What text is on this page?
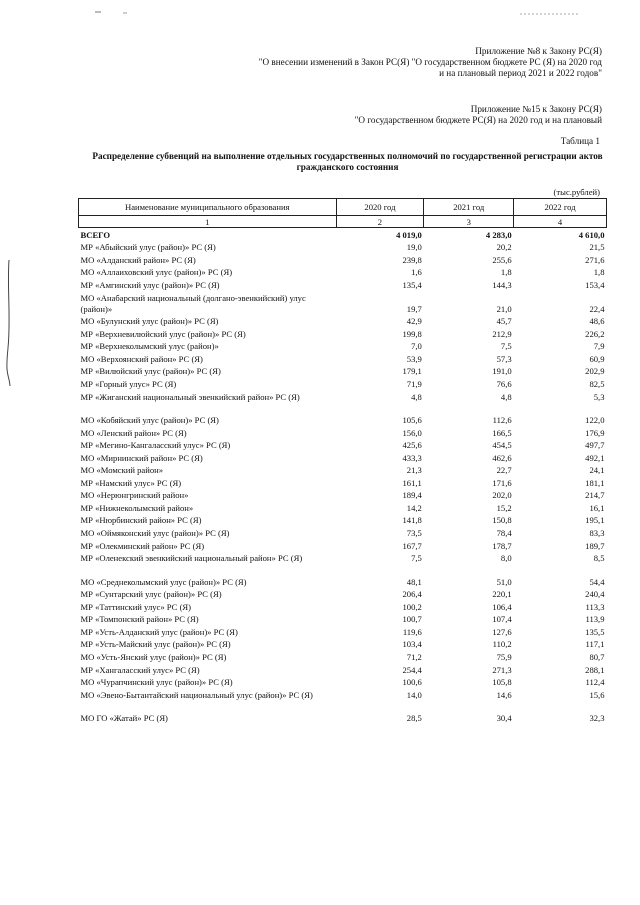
Приложение №8 к Закону РС(Я)
"О внесении изменений в Закон РС(Я) "О государственном бюджете РС (Я) на 2020 год
и на плановый период 2021 и 2022 годов"
Приложение №15 к Закону РС(Я)
"О государственном бюджете РС(Я) на 2020 год и на плановый
Таблица 1
Распределение субвенций на выполнение отдельных государственных полномочий по государственной регистрации актов гражданского состояния
(тыс.рублей)
Наименование муниципального образования	2020 год	2021 год	2022 год
1	2	3	4
ВСЕГО	4 019,0	4 283,0	4 610,0
МР «Абыйский улус (район)» РС (Я)	19,0	20,2	21,5
МО «Алданский район» РС (Я)	239,8	255,6	271,6
МО «Аллаиховский улус (район)» РС (Я)	1,6	1,8	1,8
МР «Амгинский улус (район)» РС (Я)	135,4	144,3	153,4
МО «Анабарский национальный (долгано-эвенкийский) улус (район)»	19,7	21,0	22,4
МО «Булунский улус (район)» РС (Я)	42,9	45,7	48,6
МР «Верхневилюйский улус (район)» РС (Я)	199,8	212,9	226,2
МР «Верхнеколымский улус (район)»	7,0	7,5	7,9
МО «Верхоянский район» РС (Я)	53,9	57,3	60,9
МР «Вилюйский улус (район)» РС (Я)	179,1	191,0	202,9
МР «Горный улус» РС (Я)	71,9	76,6	82,5
МР «Жиганский национальный эвенкийский район» РС (Я)	4,8	4,8	5,3

МО «Кобяйский улус (район)» РС (Я)	105,6	112,6	122,0
МО «Ленский район» РС (Я)	156,0	166,5	176,9
МР «Мегино-Кангаласский улус» РС (Я)	425,6	454,5	497,7
МО «Мирнинский район» РС (Я)	433,3	462,6	492,1
МО «Момский район»	21,3	22,7	24,1
МР «Намский улус» РС (Я)	161,1	171,6	181,1
МО «Нерюнгринский район»	189,4	202,0	214,7
МР «Нижнеколымский район»	14,2	15,2	16,1
МР «Нюрбинский район» РС (Я)	141,8	150,8	195,1
МО «Оймяконский улус (район)» РС (Я)	73,5	78,4	83,3
МР «Олекминский район» РС (Я)	167,7	178,7	189,7
МР «Оленекский эвенкийский национальный район» РС (Я)	7,5	8,0	8,5

МО «Среднеколымский улус (район)» РС (Я)	48,1	51,0	54,4
МР «Сунтарский улус (район)» РС (Я)	206,4	220,1	240,4
МР «Таттинский улус» РС (Я)	100,2	106,4	113,3
МР «Томпонский район» РС (Я)	100,7	107,4	113,9
МР «Усть-Алданский улус (район)» РС (Я)	119,6	127,6	135,5
МР «Усть-Майский улус (район)» РС (Я)	103,4	110,2	117,1
МО «Усть-Янский улус (район)» РС (Я)	71,2	75,9	80,7
МР «Хангаласский улус» РС (Я)	254,4	271,3	288,1
МО «Чурапчинский улус (район)» РС (Я)	100,6	105,8	112,4
МО «Эвено-Бытантайский национальный улус (район)» РС (Я)	14,0	14,6	15,6

МО ГО «Жатай» РС (Я)	28,5	30,4	32,3
